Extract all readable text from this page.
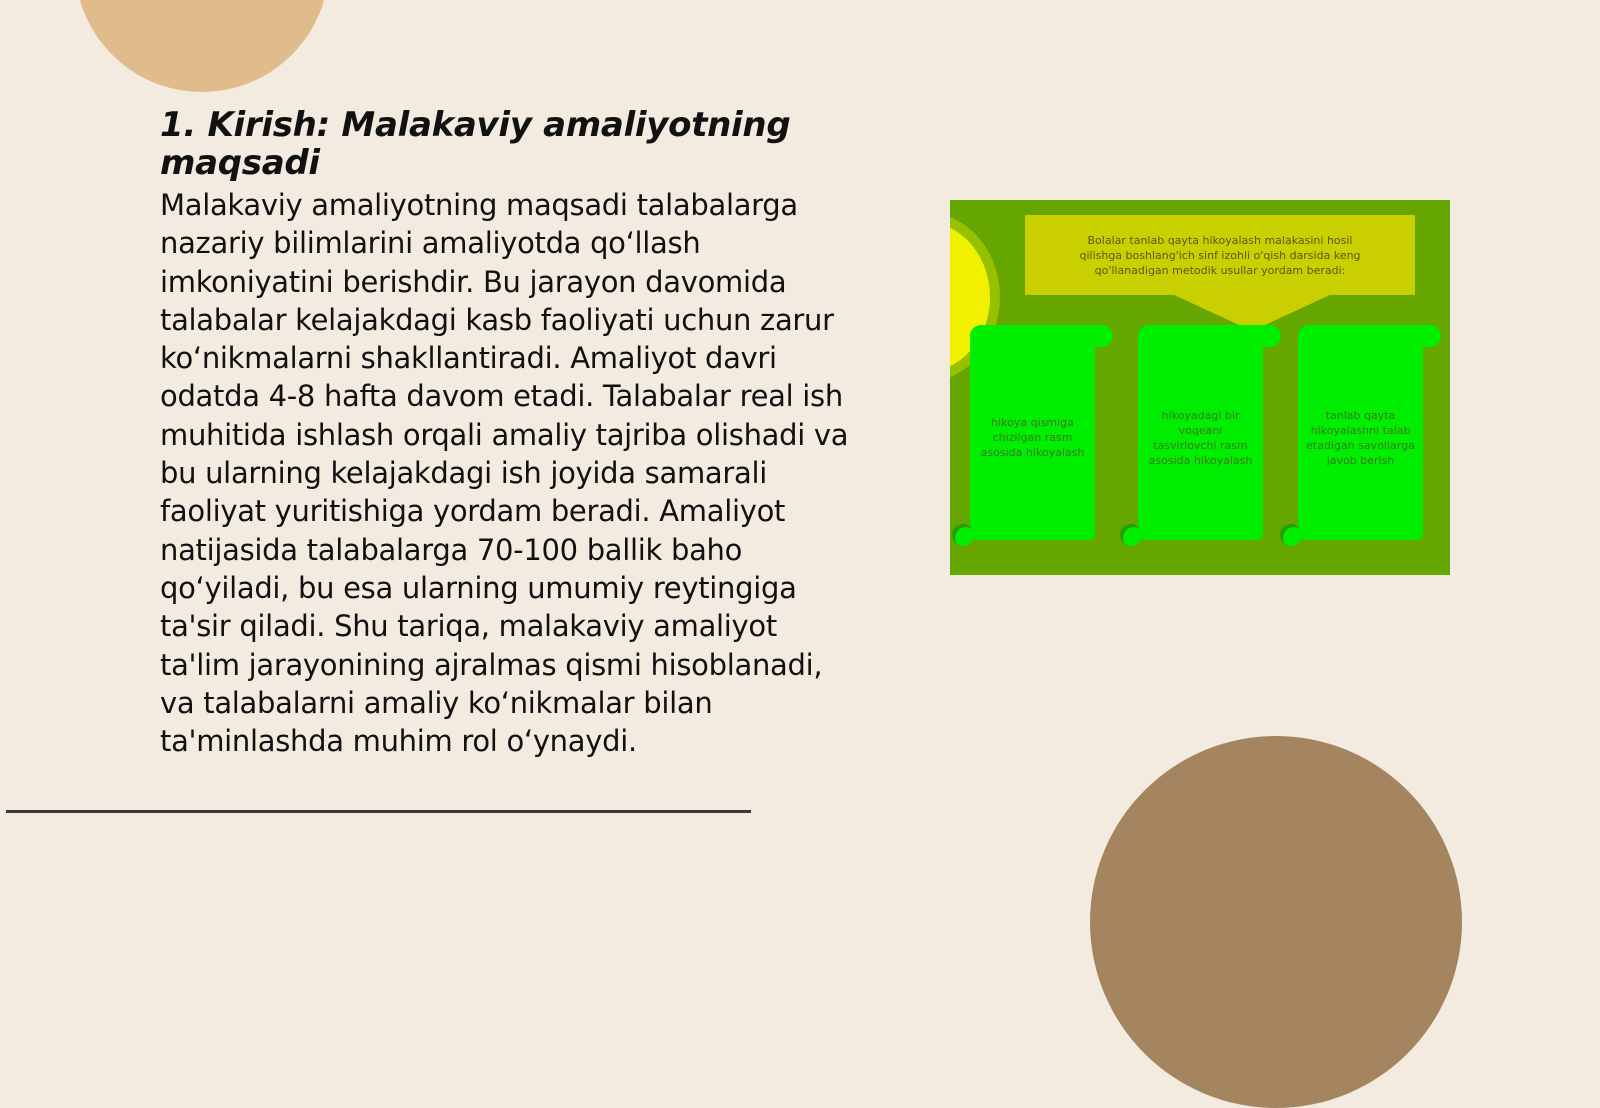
1. Kirish: Malakaviy amaliyotning maqsadi

Malakaviy amaliyotning maqsadi talabalarga nazariy bilimlarini amaliyotda qo‘llash imkoniyatini berishdir. Bu jarayon davomida talabalar kelajakdagi kasb faoliyati uchun zarur ko‘nikmalarni shakllantiradi. Amaliyot davri odatda 4-8 hafta davom etadi. Talabalar real ish muhitida ishlash orqali amaliy tajriba olishadi va bu ularning kelajakdagi ish joyida samarali faoliyat yuritishiga yordam beradi. Amaliyot natijasida talabalarga 70-100 ballik baho qo‘yiladi, bu esa ularning umumiy reytingiga ta'sir qiladi. Shu tariqa, malakaviy amaliyot ta'lim jarayonining ajralmas qismi hisoblanadi, va talabalarni amaliy ko‘nikmalar bilan ta'minlashda muhim rol o‘ynaydi.

Bolalar tanlab qayta hikoyalash malakasini hosil qilishga boshlang'ich sinf izohli o'qish darsida keng qo'llanadigan metodik usullar yordam beradi:
hikoya qismiga chizilgan rasm asosida hikoyalash
hikoyadagi bir voqeani tasvirlovchi rasm asosida hikoyalash
tanlab qayta hikoyalashni talab etadigan savollarga javob berish
